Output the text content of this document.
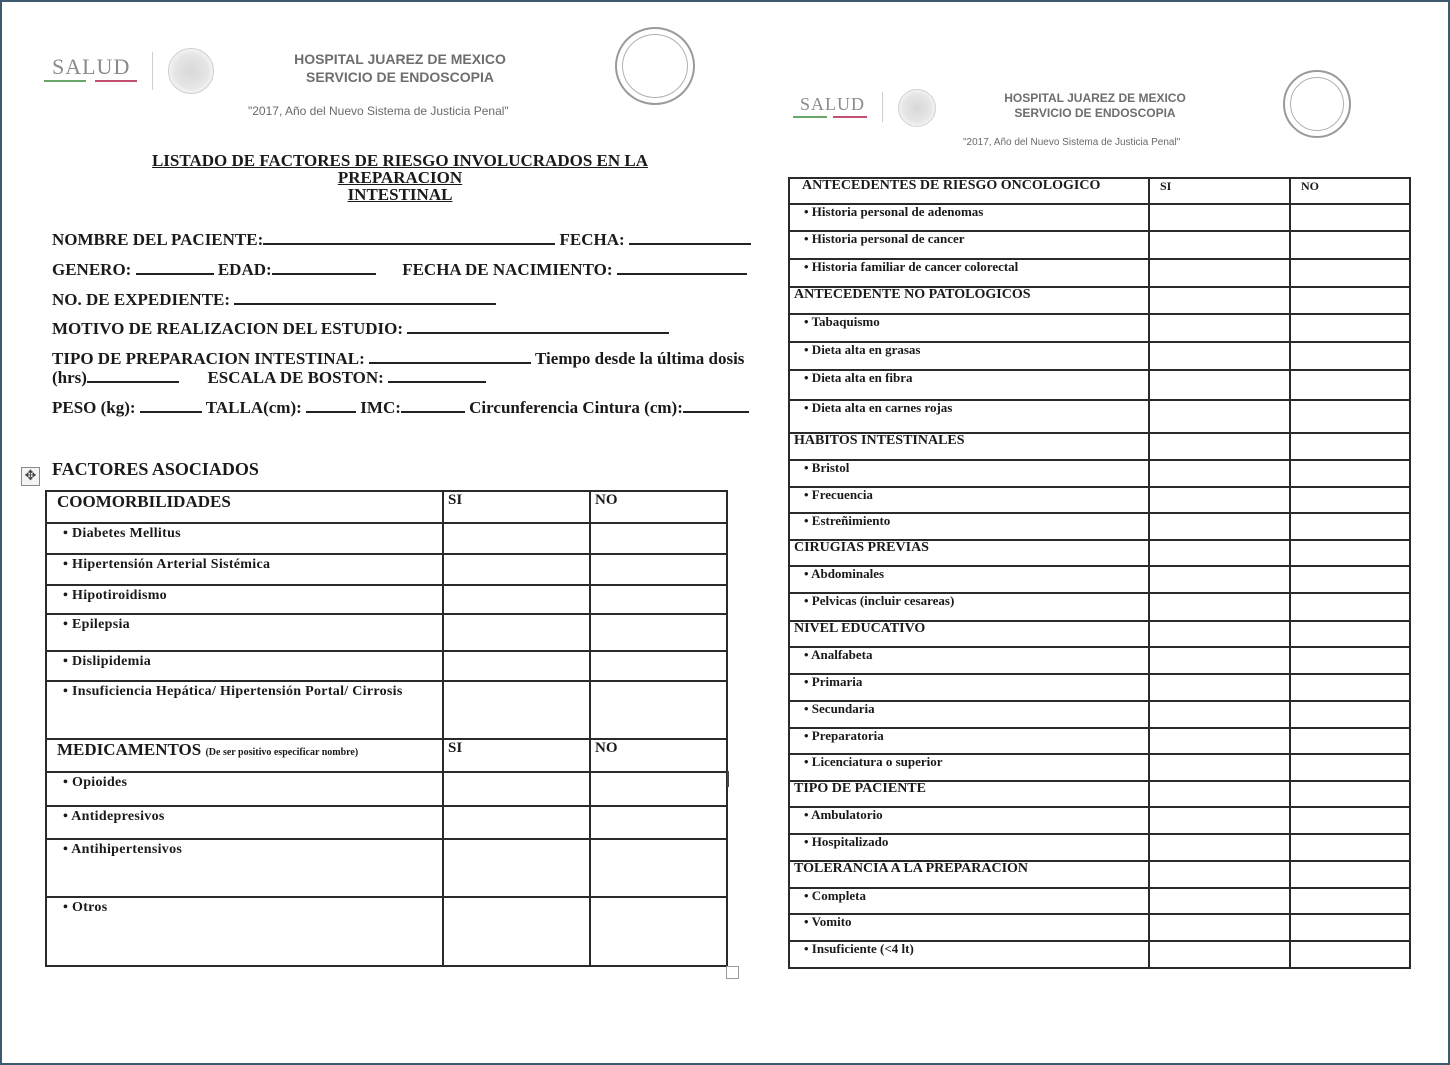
SALUD	HOSPITAL JUAREZ DE MEXICO
SERVICIO DE ENDOSCOPIA
"2017, Año del Nuevo Sistema de Justicia Penal"
LISTADO DE FACTORES DE RIESGO INVOLUCRADOS EN LA PREPARACION
INTESTINAL
NOMBRE DEL PACIENTE:	FECHA:
GENERO:	EDAD:	FECHA DE NACIMIENTO:
NO. DE EXPEDIENTE:
MOTIVO DE REALIZACION DEL ESTUDIO:
TIPO DE PREPARACION INTESTINAL:	Tiempo desde la última dosis
(hrs)	ESCALA DE BOSTON:
PESO (kg):	TALLA(cm):	IMC:	Circunferencia Cintura (cm):
✥ FACTORES ASOCIADOS
COOMORBILIDADES	SI	NO
• Diabetes Mellitus		
• Hipertensión Arterial Sistémica		
• Hipotiroidismo		
• Epilepsia		
• Dislipidemia		
• Insuficiencia Hepática/ Hipertensión Portal/ Cirrosis		
MEDICAMENTOS (De ser positivo especificar nombre)	SI	NO
• Opioides		
• Antidepresivos		
• Antihipertensivos		
• Otros		
SALUD	HOSPITAL JUAREZ DE MEXICO
SERVICIO DE ENDOSCOPIA
"2017, Año del Nuevo Sistema de Justicia Penal"
ANTECEDENTES DE RIESGO ONCOLOGICO	SI	NO
• Historia personal de adenomas		
• Historia personal de cancer		
• Historia familiar de cancer colorectal		
ANTECEDENTE NO PATOLOGICOS		
• Tabaquismo		
• Dieta alta en grasas		
• Dieta alta en fibra		
• Dieta alta en carnes rojas		
HABITOS INTESTINALES		
• Bristol		
• Frecuencia		
• Estreñimiento		
CIRUGIAS PREVIAS		
• Abdominales		
• Pelvicas (incluir cesareas)		
NIVEL EDUCATIVO		
• Analfabeta		
• Primaria		
• Secundaria		
• Preparatoria		
• Licenciatura o superior		
TIPO DE PACIENTE		
• Ambulatorio		
• Hospitalizado		
TOLERANCIA A LA PREPARACION		
• Completa		
• Vomito		
• Insuficiente (<4 lt)		
